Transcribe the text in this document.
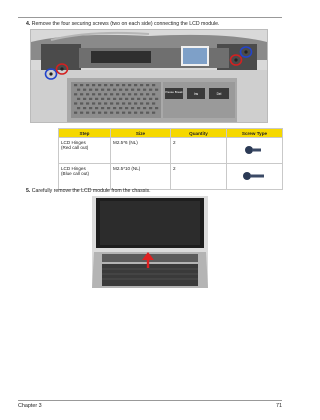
4. Remove the four securing screws (two on each side) connecting the LCD module.
Pause Break	Ins	Del
Step	Size	Quantity	Screw Type
LCD Hinges
(Red call out)	M2.5*6 (NL)	2	
LCD Hinges
(Blue call out)	M2.5*10 (NL)	2	
5. Carefully remove the LCD module from the chassis.
Chapter 3	71
